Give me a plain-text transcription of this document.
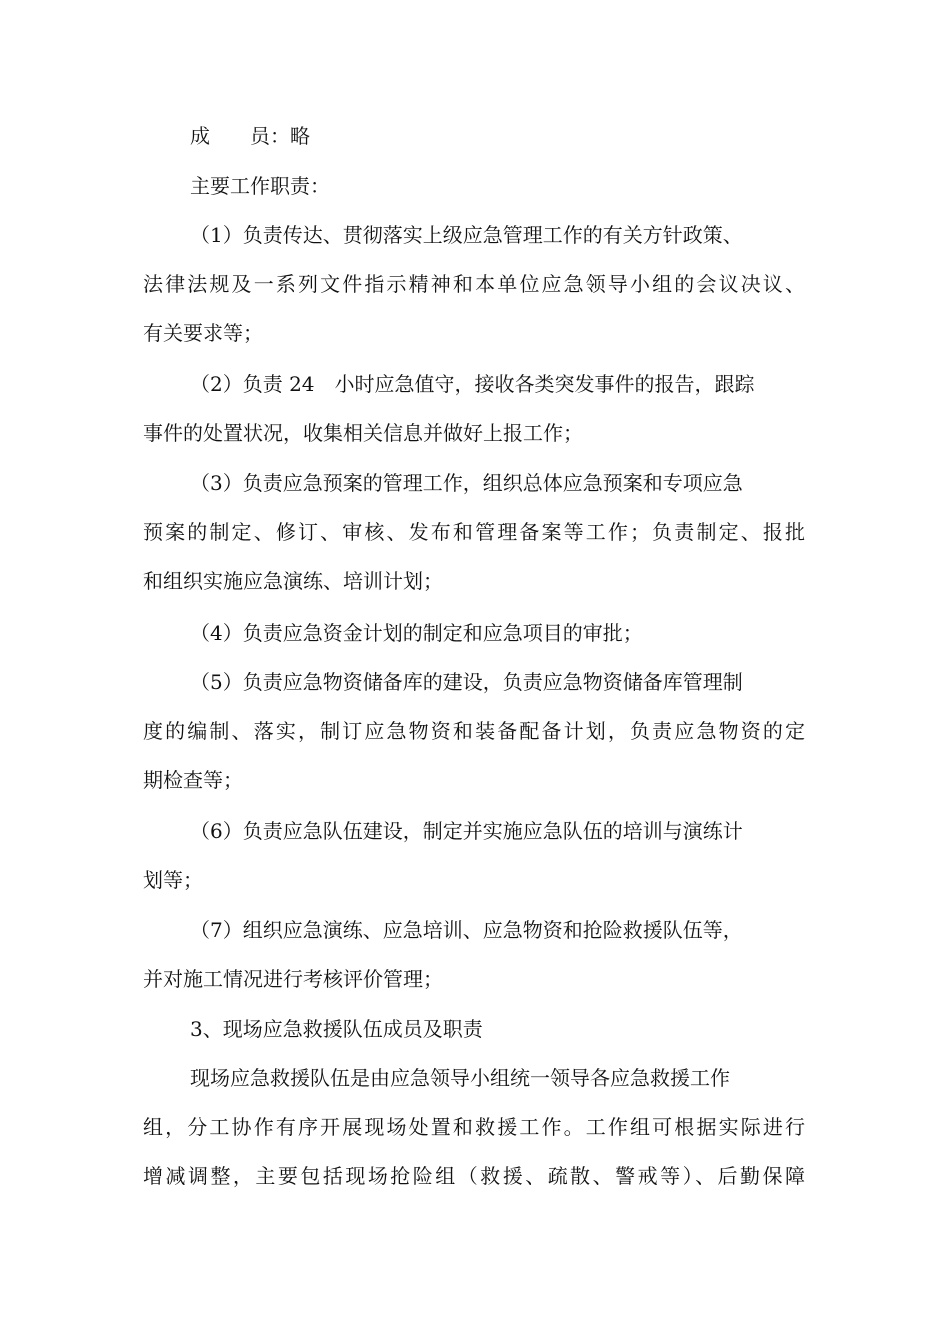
成　　员：略
主要工作职责：
（1）负责传达、贯彻落实上级应急管理工作的有关方针政策、
法律法规及一系列文件指示精神和本单位应急领导小组的会议决议、
有关要求等；
（2）负责 24　小时应急值守，接收各类突发事件的报告，跟踪
事件的处置状况，收集相关信息并做好上报工作；
（3）负责应急预案的管理工作，组织总体应急预案和专项应急
预案的制定、修订、审核、发布和管理备案等工作；负责制定、报批
和组织实施应急演练、培训计划；
（4）负责应急资金计划的制定和应急项目的审批；
（5）负责应急物资储备库的建设，负责应急物资储备库管理制
度的编制、落实，制订应急物资和装备配备计划，负责应急物资的定
期检查等；
（6）负责应急队伍建设，制定并实施应急队伍的培训与演练计
划等；
（7）组织应急演练、应急培训、应急物资和抢险救援队伍等，
并对施工情况进行考核评价管理；
3、现场应急救援队伍成员及职责
现场应急救援队伍是由应急领导小组统一领导各应急救援工作
组，分工协作有序开展现场处置和救援工作。工作组可根据实际进行
增减调整，主要包括现场抢险组（救援、疏散、警戒等）、后勤保障
